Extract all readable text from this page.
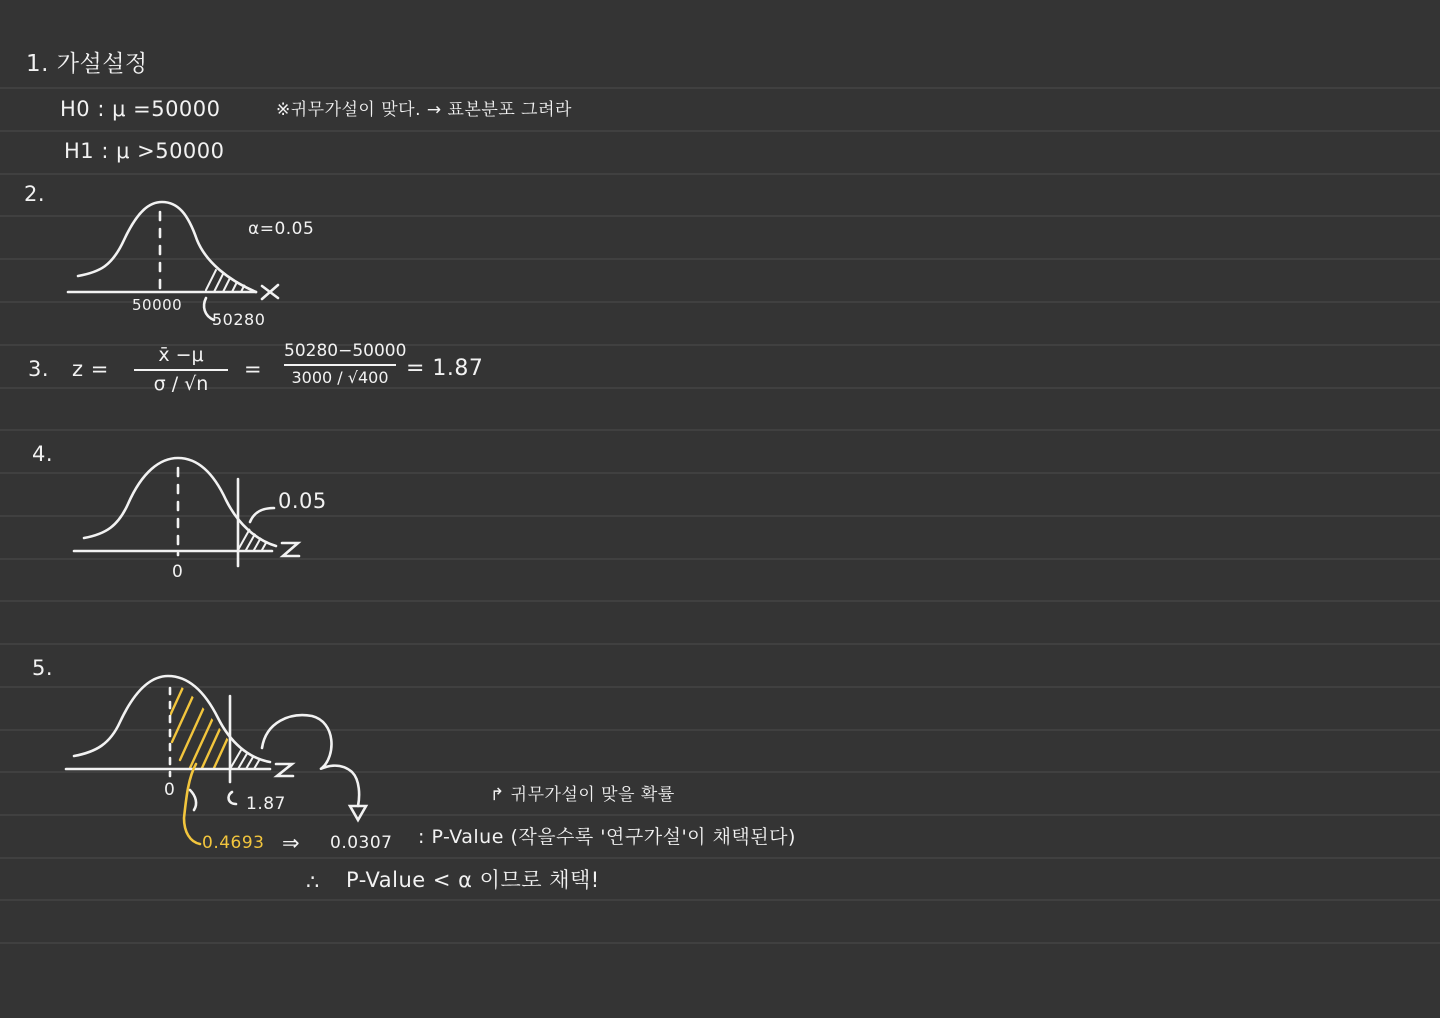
1. 가설설정
H0 : μ =50000	※귀무가설이 맞다. → 표본분포 그려라
H1 : μ >50000
2.
α=0.05
50000
50280
3. z =
x̄ −μ
σ / √n
=
50280−50000
3000 / √400 = 1.87
4.
0.05
0
5.
0
1.87	↱ 귀무가설이 맞을 확률
0.4693 ⇒ 0.0307 : P-Value (작을수록 '연구가설'이 채택된다)
∴ P-Value < α 이므로 채택!
